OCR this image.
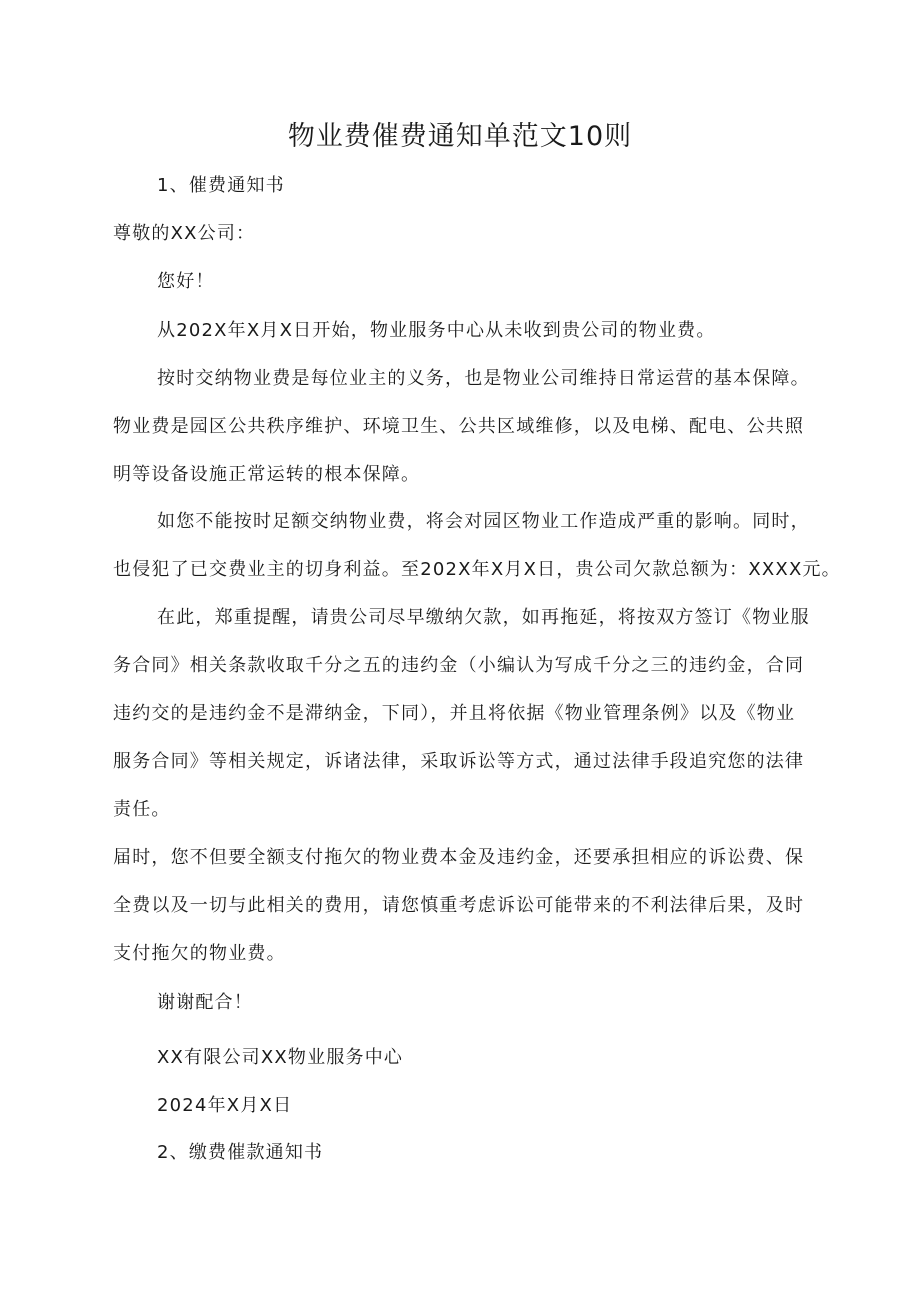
物业费催费通知单范文10则

1、催费通知书

尊敬的XX公司：

您好！

从202X年X月X日开始，物业服务中心从未收到贵公司的物业费。

按时交纳物业费是每位业主的义务，也是物业公司维持日常运营的基本保障。
物业费是园区公共秩序维护、环境卫生、公共区域维修，以及电梯、配电、公共照
明等设备设施正常运转的根本保障。

如您不能按时足额交纳物业费，将会对园区物业工作造成严重的影响。同时，
也侵犯了已交费业主的切身利益。至202X年X月X日，贵公司欠款总额为：XXXX元。

在此，郑重提醒，请贵公司尽早缴纳欠款，如再拖延，将按双方签订《物业服
务合同》相关条款收取千分之五的违约金（小编认为写成千分之三的违约金，合同
违约交的是违约金不是滞纳金，下同），并且将依据《物业管理条例》以及《物业
服务合同》等相关规定，诉诸法律，采取诉讼等方式，通过法律手段追究您的法律
责任。

届时，您不但要全额支付拖欠的物业费本金及违约金，还要承担相应的诉讼费、保
全费以及一切与此相关的费用，请您慎重考虑诉讼可能带来的不利法律后果，及时
支付拖欠的物业费。

谢谢配合！

XX有限公司XX物业服务中心

2024年X月X日

2、缴费催款通知书
